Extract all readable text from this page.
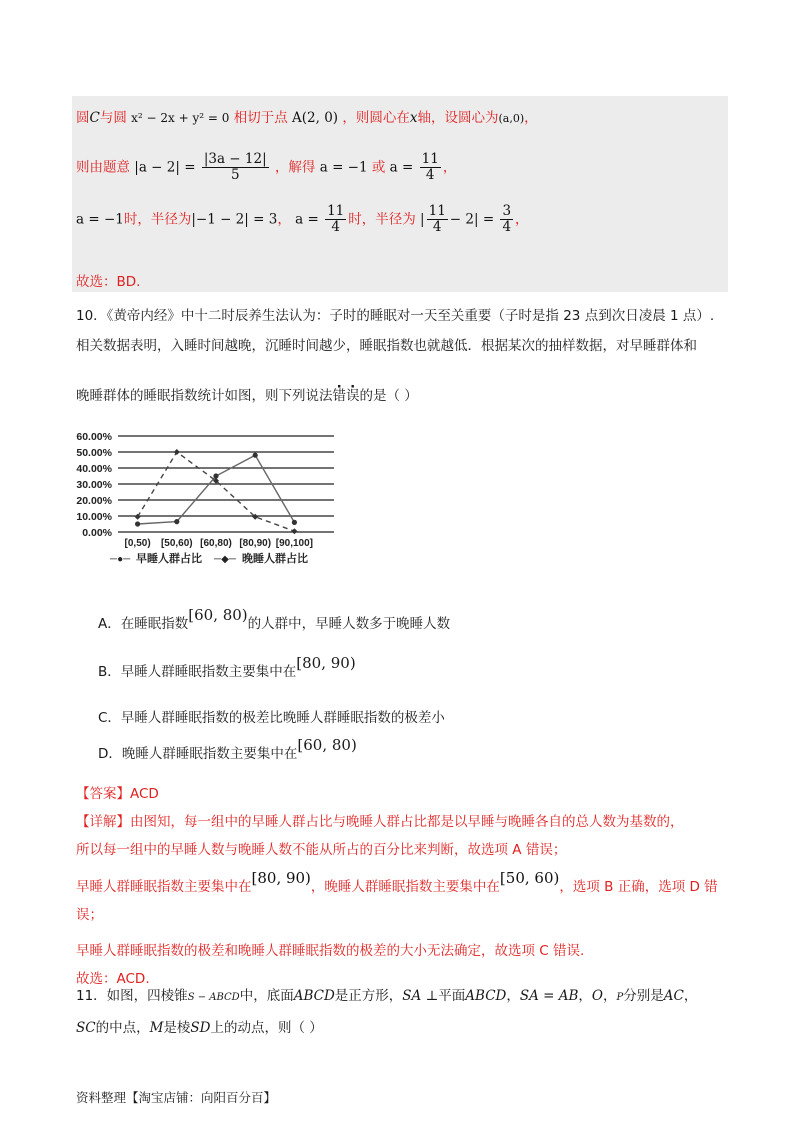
圆C与圆 x² − 2x + y² = 0 相切于点 A(2, 0) ，则圆心在x轴，设圆心为(a,0)，
则由题意 $|a - 2| = \frac{|3a - 12|}{5}$ ，解得 a = −1 或 $a = \frac{11}{4}$ ，
a = −1时，半径为|−1 − 2| = 3， $a = \frac{11}{4}$ 时，半径为 | $\frac{11}{4} - 2| = \frac{3}{4}$ ，
故选：BD.
10．《黄帝内经》中十二时辰养生法认为：子时的睡眠对一天至关重要（子时是指 23 点到次日凌晨 1 点）.
相关数据表明，入睡时间越晚，沉睡时间越少，睡眠指数也就越低．根据某次的抽样数据，对早睡群体和
晚睡群体的睡眠指数统计如图，则下列说法错误的是（ ）
60.00%
50.00%
40.00%
30.00%
20.00%
10.00%
0.00%
[0,50) [50,60) [60,80) [80,90) [90,100]
─●─ 早睡人群占比 ─◆─ 晚睡人群占比
A．在睡眠指数[60, 80)的人群中，早睡人数多于晚睡人数
B．早睡人群睡眠指数主要集中在[80, 90)
C．早睡人群睡眠指数的极差比晚睡人群睡眠指数的极差小
D．晚睡人群睡眠指数主要集中在[60, 80)
【答案】ACD
【详解】由图知，每一组中的早睡人群占比与晚睡人群占比都是以早睡与晚睡各自的总人数为基数的，
所以每一组中的早睡人数与晚睡人数不能从所占的百分比来判断，故选项 A 错误；
早睡人群睡眠指数主要集中在[80, 90)，晚睡人群睡眠指数主要集中在[50, 60)，选项 B 正确，选项 D 错误；
早睡人群睡眠指数的极差和晚睡人群睡眠指数的极差的大小无法确定，故选项 C 错误.
故选：ACD.
11．如图，四棱锥S − ABCD中，底面ABCD是正方形，SA ⊥平面ABCD，SA = AB，O，P分别是AC，
SC的中点，M是棱SD上的动点，则（ ）
资料整理【淘宝店铺：向阳百分百】
